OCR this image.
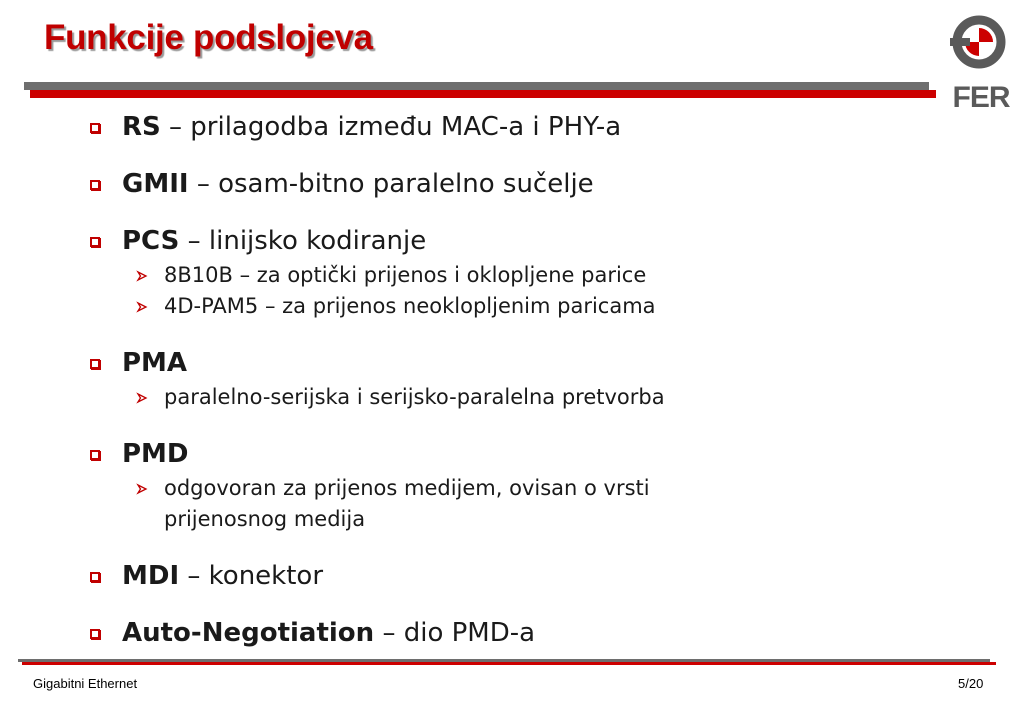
Funkcije podslojeva
FER
RS – prilagodba između MAC-a i PHY-a
GMII – osam-bitno paralelno sučelje
PCS – linijsko kodiranje
8B10B – za optički prijenos i oklopljene parice
4D-PAM5 – za prijenos neoklopljenim paricama
PMA
paralelno-serijska i serijsko-paralelna pretvorba
PMD
odgovoran za prijenos medijem, ovisan o vrsti
prijenosnog medija
MDI – konektor
Auto-Negotiation – dio PMD-a
Gigabitni Ethernet	5/20
